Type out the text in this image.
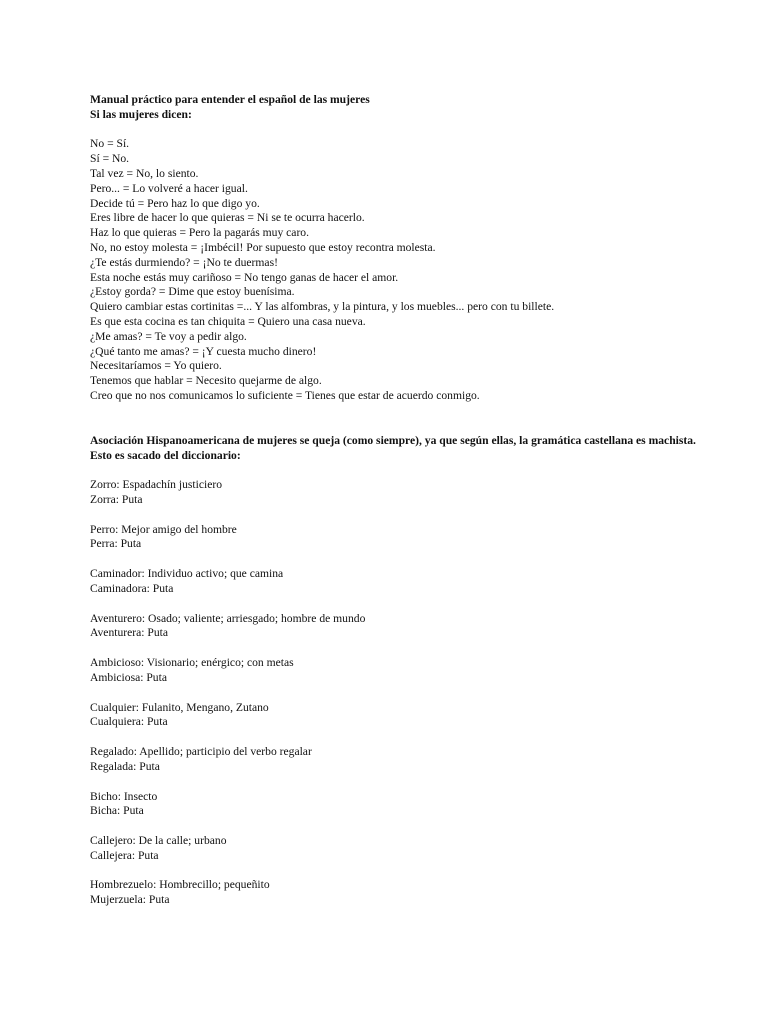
Manual práctico para entender el español de las mujeres
Si las mujeres dicen:
No = Sí.
Sí = No.
Tal vez = No, lo siento.
Pero... = Lo volveré a hacer igual.
Decide tú = Pero haz lo que digo yo.
Eres libre de hacer lo que quieras = Ni se te ocurra hacerlo.
Haz lo que quieras = Pero la pagarás muy caro.
No, no estoy molesta = ¡Imbécil! Por supuesto que estoy recontra molesta.
¿Te estás durmiendo? = ¡No te duermas!
Esta noche estás muy cariñoso = No tengo ganas de hacer el amor.
¿Estoy gorda? = Dime que estoy buenísima.
Quiero cambiar estas cortinitas =... Y las alfombras, y la pintura, y los muebles... pero con tu billete.
Es que esta cocina es tan chiquita = Quiero una casa nueva.
¿Me amas? = Te voy a pedir algo.
¿Qué tanto me amas? = ¡Y cuesta mucho dinero!
Necesitaríamos = Yo quiero.
Tenemos que hablar = Necesito quejarme de algo.
Creo que no nos comunicamos lo suficiente = Tienes que estar de acuerdo conmigo.
Asociación Hispanoamericana de mujeres se queja (como siempre), ya que según ellas, la gramática castellana es machista.
Esto es sacado del diccionario:
Zorro: Espadachín justiciero
Zorra: Puta
Perro: Mejor amigo del hombre
Perra: Puta
Caminador: Individuo activo; que camina
Caminadora: Puta
Aventurero: Osado; valiente; arriesgado; hombre de mundo
Aventurera: Puta
Ambicioso: Visionario; enérgico; con metas
Ambiciosa: Puta
Cualquier: Fulanito, Mengano, Zutano
Cualquiera: Puta
Regalado: Apellido; participio del verbo regalar
Regalada: Puta
Bicho: Insecto
Bicha: Puta
Callejero: De la calle; urbano
Callejera: Puta
Hombrezuelo: Hombrecillo; pequeñito
Mujerzuela: Puta
